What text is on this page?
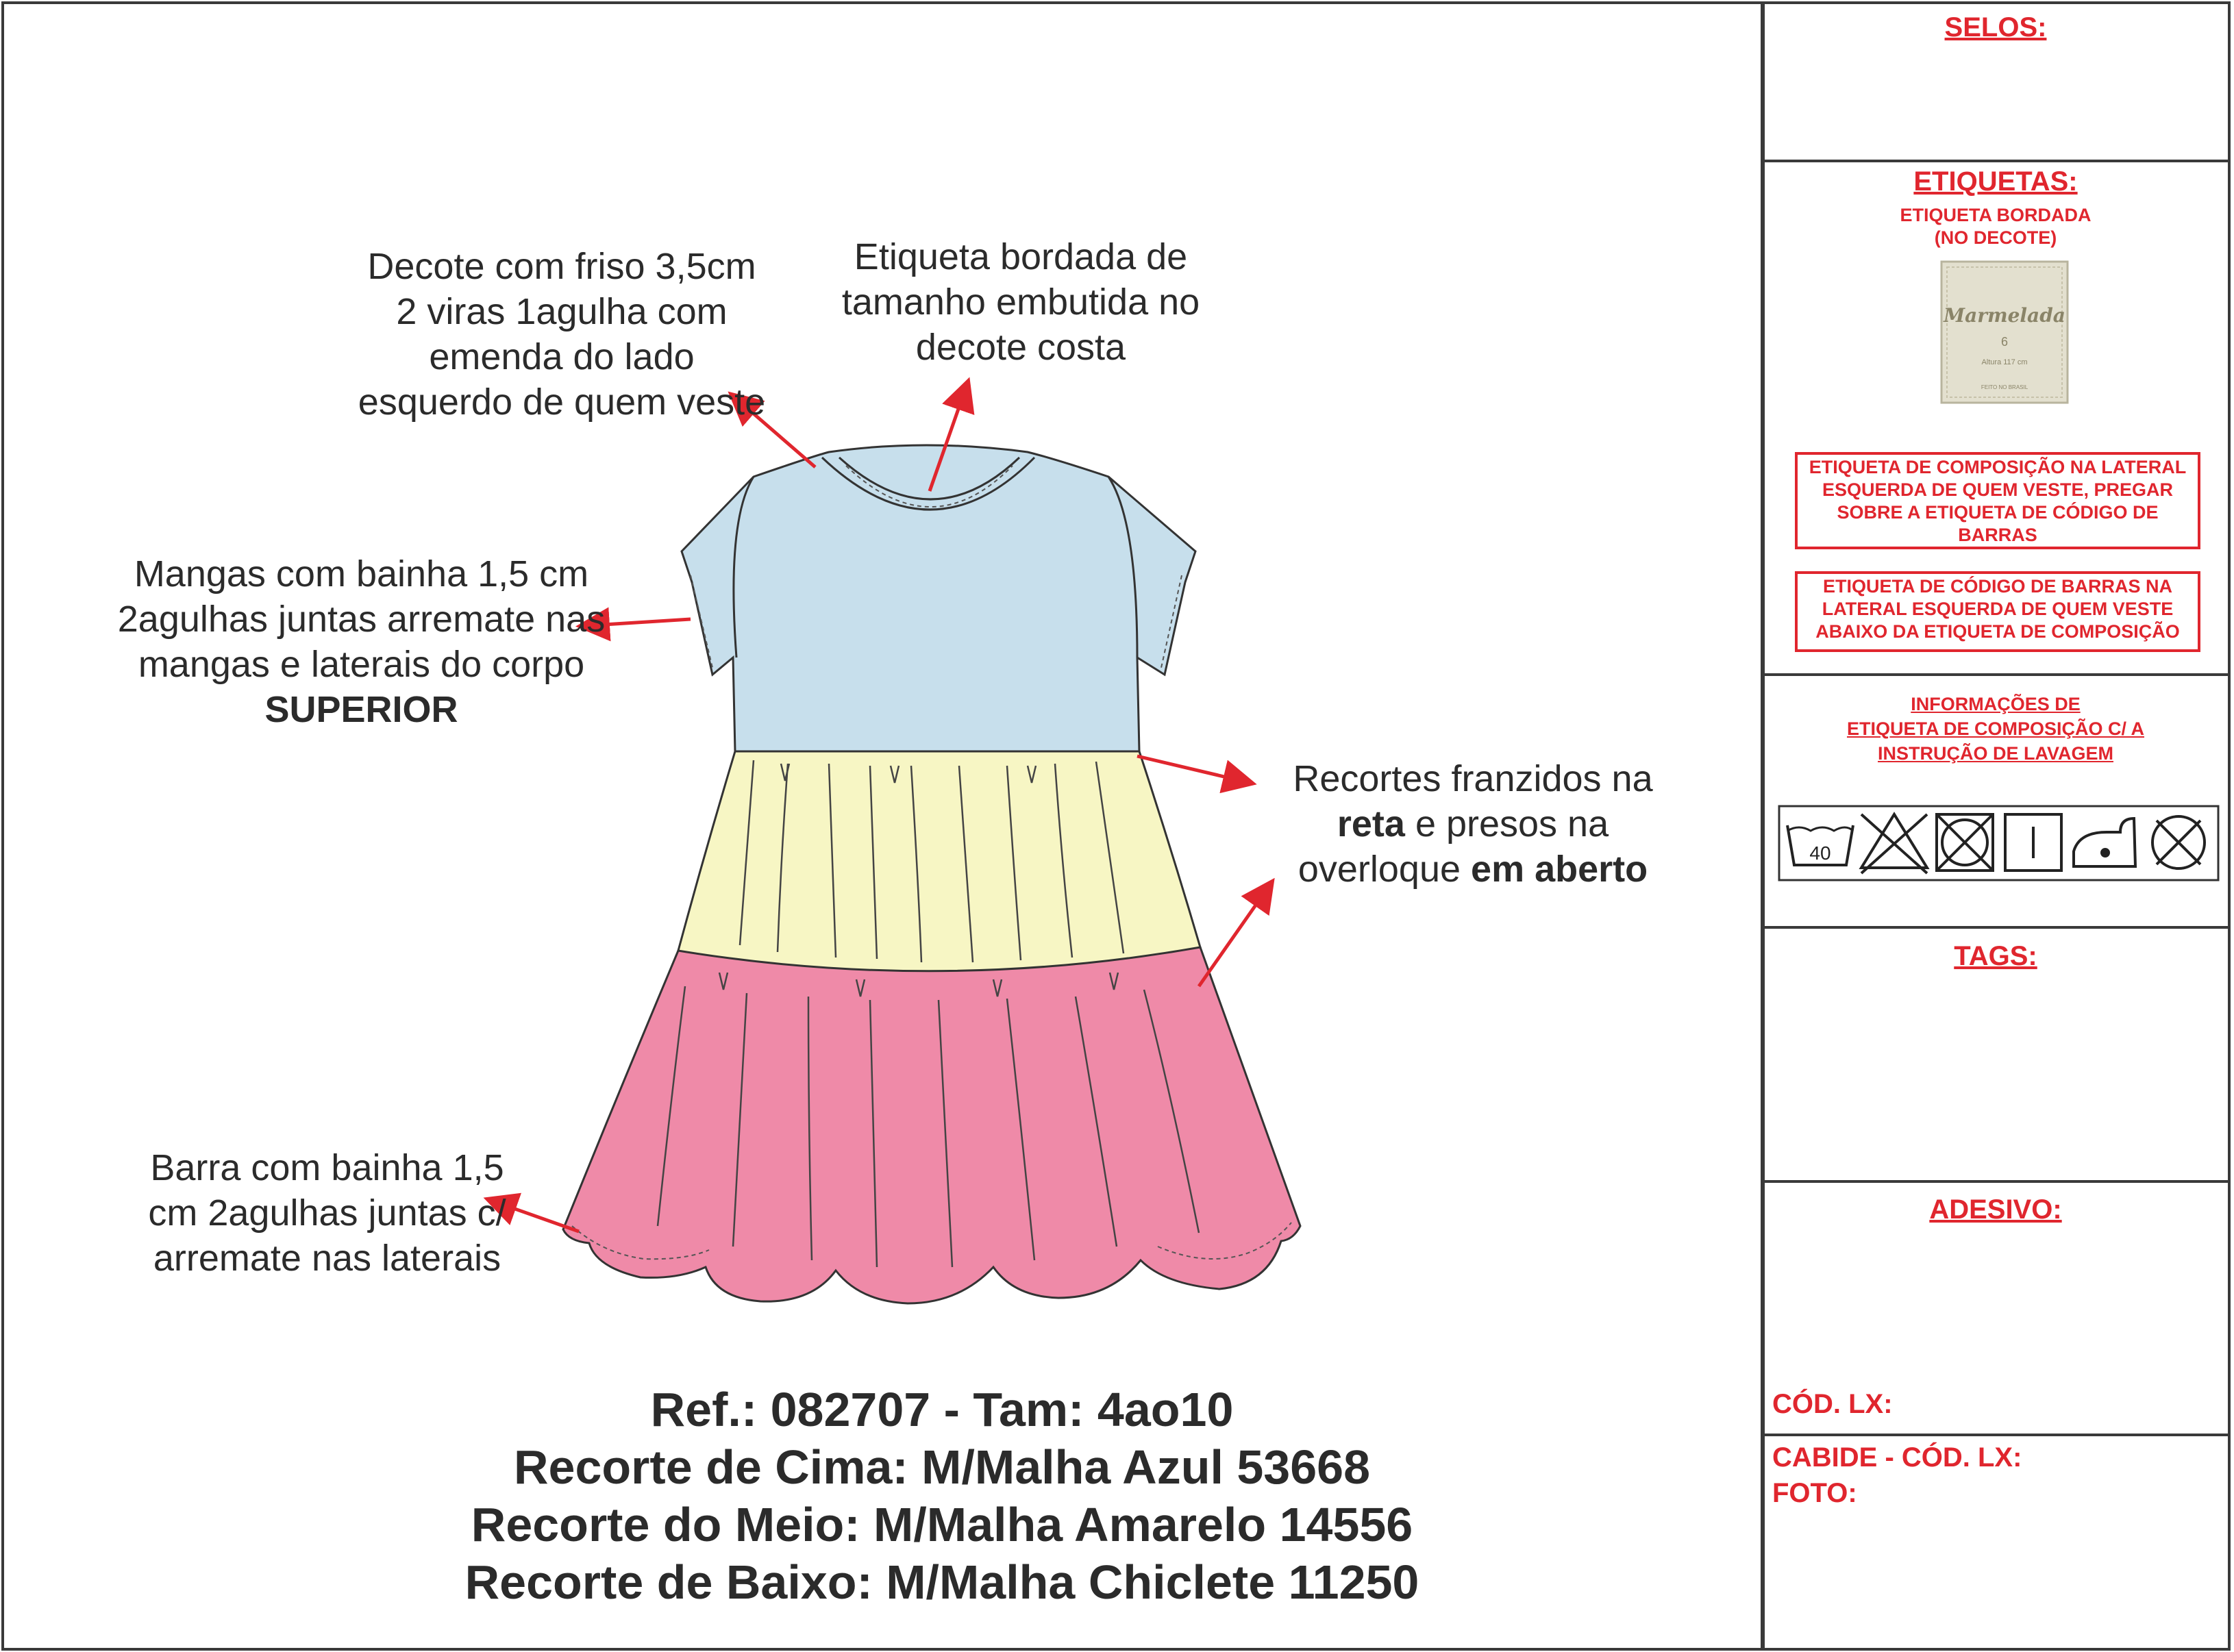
Decote com friso 3,5cm 2 viras 1agulha com emenda do lado esquerdo de quem veste
Etiqueta bordada de tamanho embutida no decote costa
Mangas com bainha 1,5 cm 2agulhas juntas arremate nas mangas e laterais do corpo SUPERIOR
Recortes franzidos na
reta e presos na
overloque em aberto
Barra com bainha 1,5 cm 2agulhas juntas c/ arremate nas laterais
Ref.: 082707 - Tam: 4ao10
Recorte de Cima: M/Malha Azul 53668
Recorte do Meio: M/Malha Amarelo 14556
Recorte de Baixo: M/Malha Chiclete 11250
SELOS:
ETIQUETAS:
ETIQUETA BORDADA
(NO DECOTE)
Marmelada
6
Altura 117 cm
FEITO NO BRASIL
ETIQUETA DE COMPOSIÇÃO NA LATERAL ESQUERDA DE QUEM VESTE, PREGAR SOBRE A ETIQUETA DE CÓDIGO DE BARRAS
ETIQUETA DE CÓDIGO DE BARRAS NA LATERAL ESQUERDA DE QUEM VESTE ABAIXO DA ETIQUETA DE COMPOSIÇÃO
INFORMAÇÕES DE
ETIQUETA DE COMPOSIÇÃO C/ A
INSTRUÇÃO DE LAVAGEM
40
TAGS:
ADESIVO:
CÓD. LX:
CABIDE - CÓD. LX:
FOTO:
